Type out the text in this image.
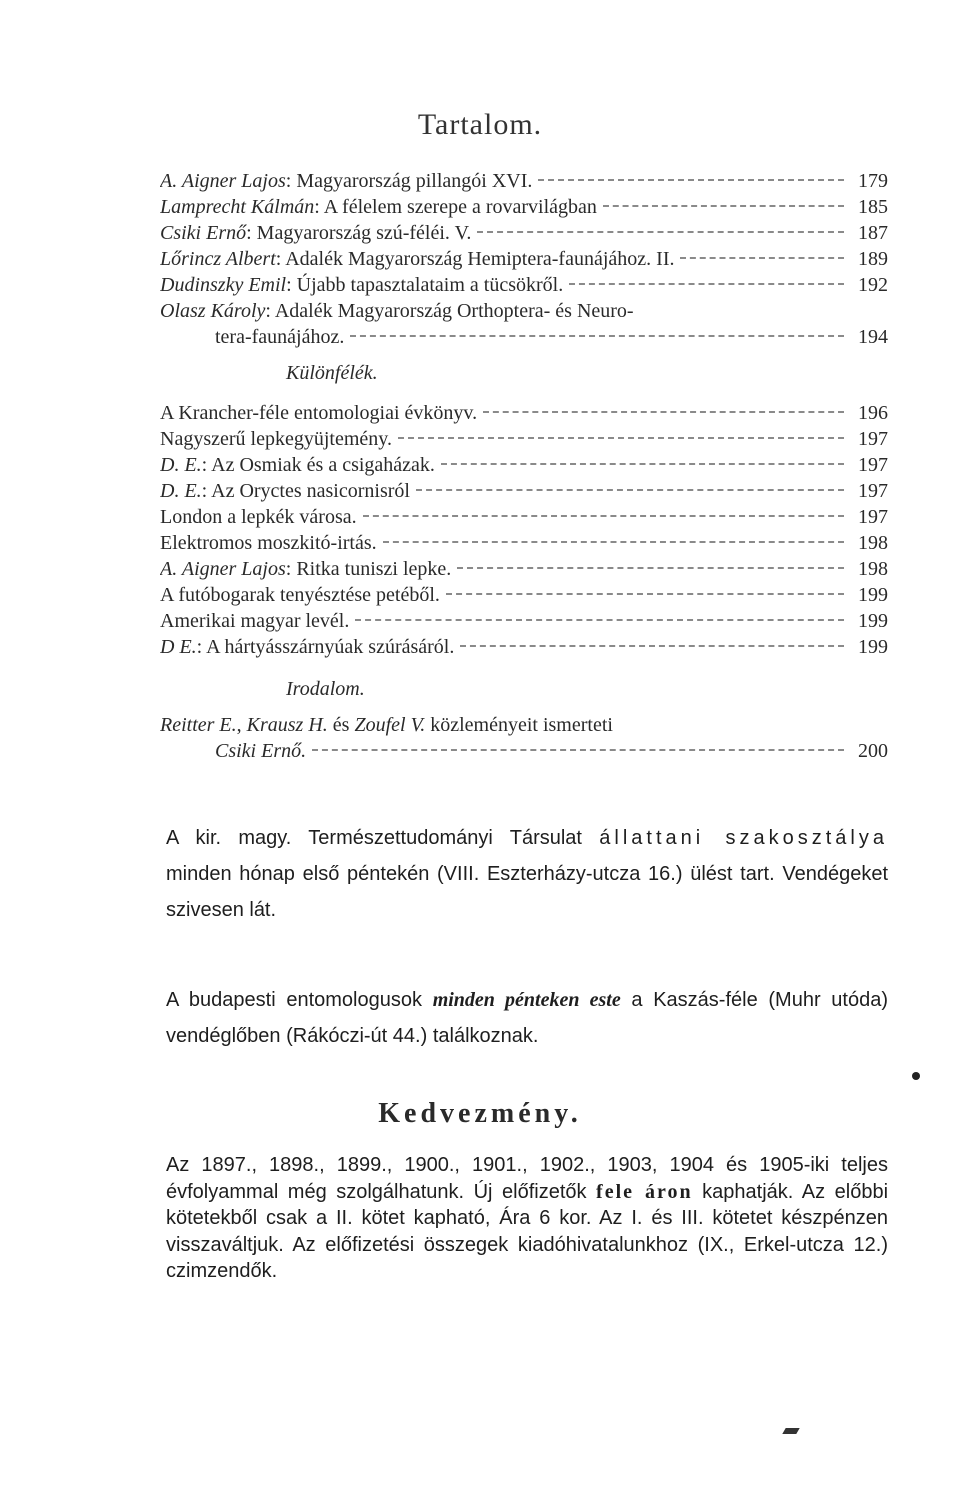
Tartalom.
A. Aigner Lajos: Magyarország pillangói XVI.	179
Lamprecht Kálmán: A félelem szerepe a rovarvilágban	185
Csiki Ernő: Magyarország szú-féléi. V.	187
Lőrincz Albert: Adalék Magyarország Hemiptera-faunájához. II.	189
Dudinszky Emil: Újabb tapasztalataim a tücsökről.	192
Olasz Károly: Adalék Magyarország Orthoptera- és Neuro-
tera-faunájához.	194
Különfélék.
A Krancher-féle entomologiai évkönyv.	196
Nagyszerű lepkegyüjtemény.	197
D. E.: Az Osmiak és a csigaházak.	197
D. E.: Az Oryctes nasicornisról	197
London a lepkék városa.	197
Elektromos moszkitó-irtás.	198
A. Aigner Lajos: Ritka tuniszi lepke.	198
A futóbogarak tenyésztése petéből.	199
Amerikai magyar levél.	199
D E.: A hártyásszárnyúak szúrásáról.	199
Irodalom.
Reitter E., Krausz H. és Zoufel V. közleményeit ismerteti
Csiki Ernő.	200
A kir. magy. Természettudományi Társulat állattani szakosztálya minden hónap első péntekén (VIII. Eszterházy-utcza 16.) ülést tart. Vendégeket szivesen lát.
A budapesti entomologusok minden pénteken este a Kaszás-féle (Muhr utóda) vendéglőben (Rákóczi-út 44.) találkoznak.
Kedvezmény.
Az 1897., 1898., 1899., 1900., 1901., 1902., 1903, 1904 és 1905-iki teljes évfolyammal még szolgálhatunk. Új előfizetők fele áron kaphatják. Az előbbi kötetekből csak a II. kötet kapható, Ára 6 kor. Az I. és III. kötetet készpénzen visszaváltjuk. Az előfizetési összegek kiadóhivatalunkhoz (IX., Erkel-utcza 12.) czimzendők.
